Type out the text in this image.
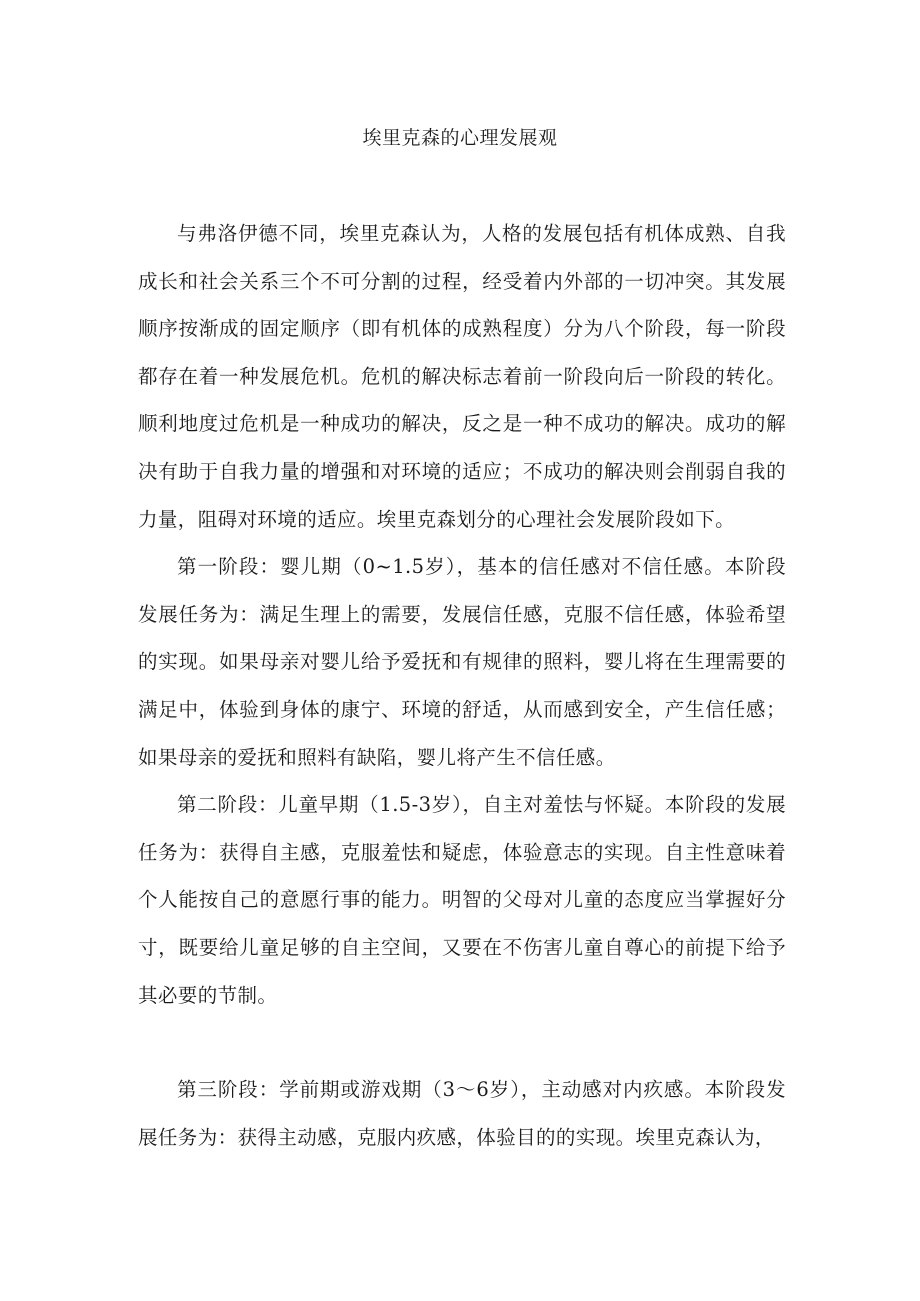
埃里克森的心理发展观

与弗洛伊德不同，埃里克森认为，人格的发展包括有机体成熟、自我成长和社会关系三个不可分割的过程，经受着内外部的一切冲突。其发展顺序按渐成的固定顺序（即有机体的成熟程度）分为八个阶段，每一阶段都存在着一种发展危机。危机的解决标志着前一阶段向后一阶段的转化。顺利地度过危机是一种成功的解决，反之是一种不成功的解决。成功的解决有助于自我力量的增强和对环境的适应；不成功的解决则会削弱自我的力量，阻碍对环境的适应。埃里克森划分的心理社会发展阶段如下。

第一阶段：婴儿期（0~1.5岁），基本的信任感对不信任感。本阶段发展任务为：满足生理上的需要，发展信任感，克服不信任感，体验希望的实现。如果母亲对婴儿给予爱抚和有规律的照料，婴儿将在生理需要的满足中，体验到身体的康宁、环境的舒适，从而感到安全，产生信任感；如果母亲的爱抚和照料有缺陷，婴儿将产生不信任感。

第二阶段：儿童早期（1.5-3岁），自主对羞怯与怀疑。本阶段的发展任务为：获得自主感，克服羞怯和疑虑，体验意志的实现。自主性意味着个人能按自己的意愿行事的能力。明智的父母对儿童的态度应当掌握好分寸，既要给儿童足够的自主空间，又要在不伤害儿童自尊心的前提下给予其必要的节制。

第三阶段：学前期或游戏期（3～6岁），主动感对内疚感。本阶段发展任务为：获得主动感，克服内疚感，体验目的的实现。埃里克森认为，
